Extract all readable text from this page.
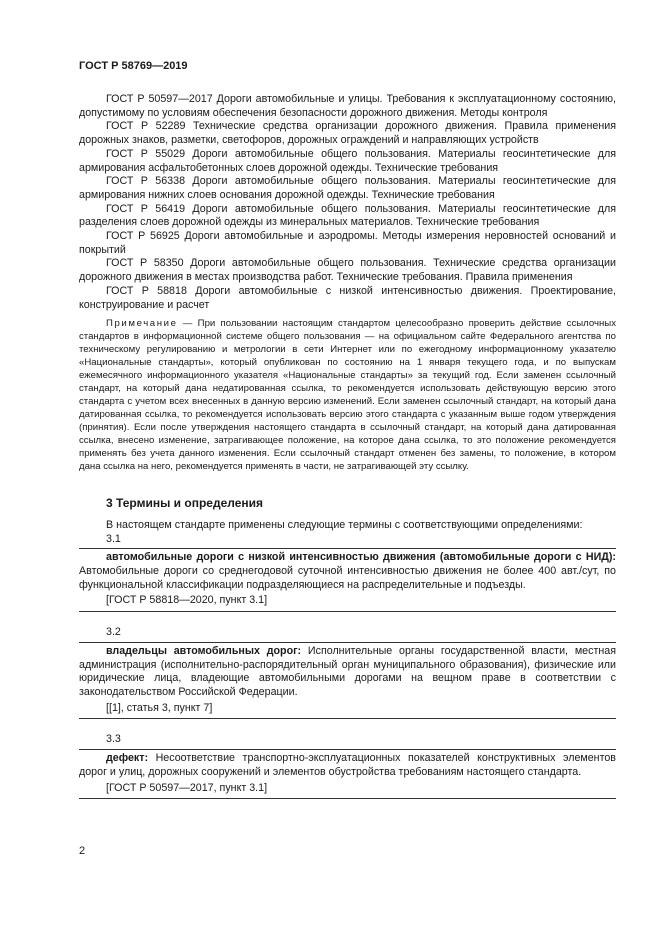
ГОСТ Р 58769—2019

ГОСТ Р 50597—2017 Дороги автомобильные и улицы. Требования к эксплуатационному состоянию, допустимому по условиям обеспечения безопасности дорожного движения. Методы контроля

ГОСТ Р 52289 Технические средства организации дорожного движения. Правила применения дорожных знаков, разметки, светофоров, дорожных ограждений и направляющих устройств

ГОСТ Р 55029 Дороги автомобильные общего пользования. Материалы геосинтетические для армирования асфальтобетонных слоев дорожной одежды. Технические требования

ГОСТ Р 56338 Дороги автомобильные общего пользования. Материалы геосинтетические для армирования нижних слоев основания дорожной одежды. Технические требования

ГОСТ Р 56419 Дороги автомобильные общего пользования. Материалы геосинтетические для разделения слоев дорожной одежды из минеральных материалов. Технические требования

ГОСТ Р 56925 Дороги автомобильные и аэродромы. Методы измерения неровностей оснований и покрытий

ГОСТ Р 58350 Дороги автомобильные общего пользования. Технические средства организации дорожного движения в местах производства работ. Технические требования. Правила применения

ГОСТ Р 58818 Дороги автомобильные с низкой интенсивностью движения. Проектирование, конструирование и расчет

Примечание — При пользовании настоящим стандартом целесообразно проверить действие ссылочных стандартов в информационной системе общего пользования — на официальном сайте Федерального агентства по техническому регулированию и метрологии в сети Интернет или по ежегодному информационному указателю «Национальные стандарты», который опубликован по состоянию на 1 января текущего года, и по выпускам ежемесячного информационного указателя «Национальные стандарты» за текущий год. Если заменен ссылочный стандарт, на который дана недатированная ссылка, то рекомендуется использовать действующую версию этого стандарта с учетом всех внесенных в данную версию изменений. Если заменен ссылочный стандарт, на который дана датированная ссылка, то рекомендуется использовать версию этого стандарта с указанным выше годом утверждения (принятия). Если после утверждения настоящего стандарта в ссылочный стандарт, на который дана датированная ссылка, внесено изменение, затрагивающее положение, на которое дана ссылка, то это положение рекомендуется применять без учета данного изменения. Если ссылочный стандарт отменен без замены, то положение, в котором дана ссылка на него, рекомендуется применять в части, не затрагивающей эту ссылку.

3 Термины и определения

В настоящем стандарте применены следующие термины с соответствующими определениями:

3.1

автомобильные дороги с низкой интенсивностью движения (автомобильные дороги с НИД): Автомобильные дороги со среднегодовой суточной интенсивностью движения не более 400 авт./сут, по функциональной классификации подразделяющиеся на распределительные и подъезды.

[ГОСТ Р 58818—2020, пункт 3.1]
3.2

владельцы автомобильных дорог: Исполнительные органы государственной власти, местная администрация (исполнительно-распорядительный орган муниципального образования), физические или юридические лица, владеющие автомобильными дорогами на вещном праве в соответствии с законодательством Российской Федерации.

[[1], статья 3, пункт 7]
3.3

дефект: Несоответствие транспортно-эксплуатационных показателей конструктивных элементов дорог и улиц, дорожных сооружений и элементов обустройства требованиям настоящего стандарта.

[ГОСТ Р 50597—2017, пункт 3.1]
2
